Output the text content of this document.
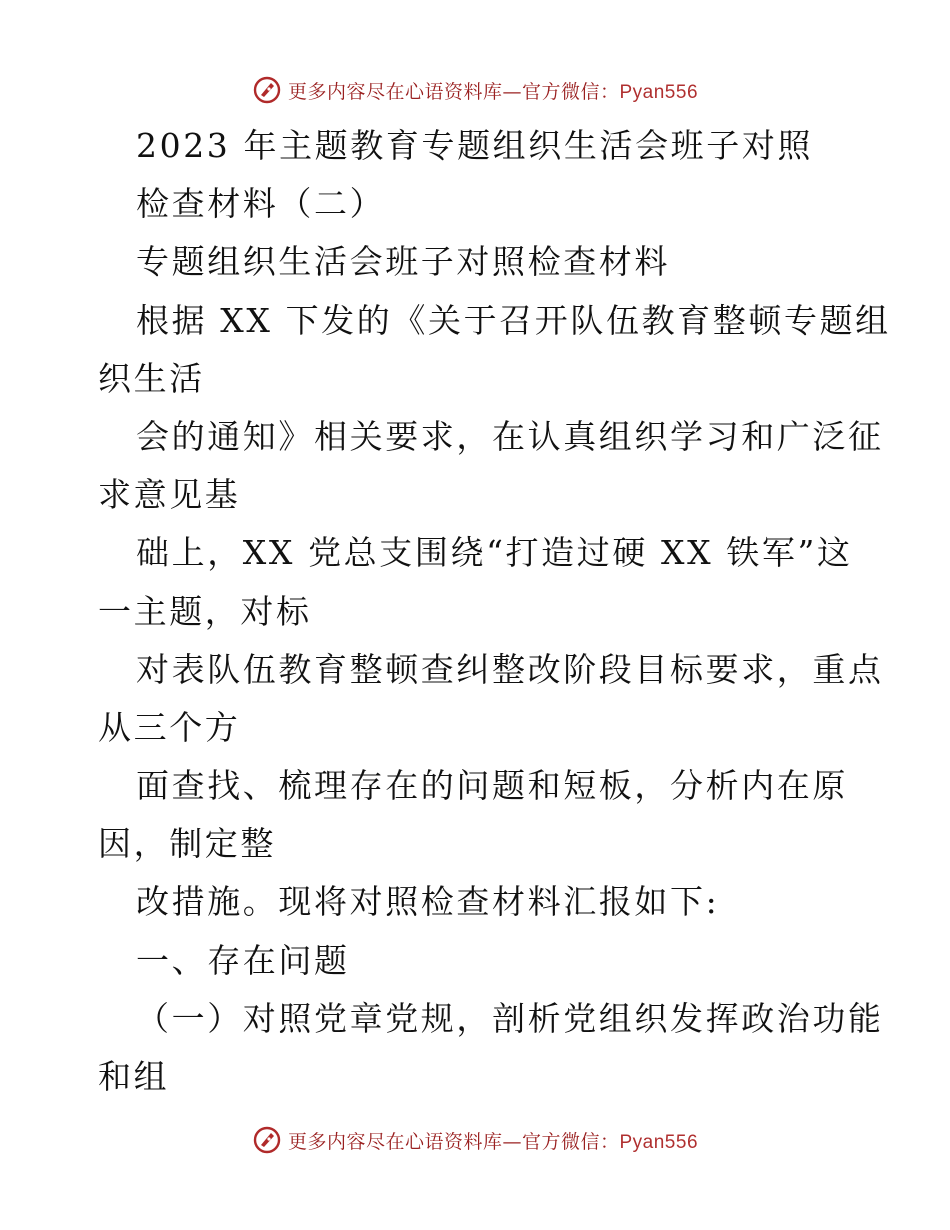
更多内容尽在心语资料库—官方微信：Pyan556
2023 年主题教育专题组织生活会班子对照
检查材料（二）
专题组织生活会班子对照检查材料
根据 XX 下发的《关于召开队伍教育整顿专题组
织生活
会的通知》相关要求，在认真组织学习和广泛征
求意见基
础上，XX 党总支围绕“打造过硬 XX 铁军”这
一主题，对标
对表队伍教育整顿查纠整改阶段目标要求，重点
从三个方
面查找、梳理存在的问题和短板，分析内在原
因，制定整
改措施。现将对照检查材料汇报如下:
一、存在问题
（一）对照党章党规，剖析党组织发挥政治功能
和组
更多内容尽在心语资料库—官方微信：Pyan556
